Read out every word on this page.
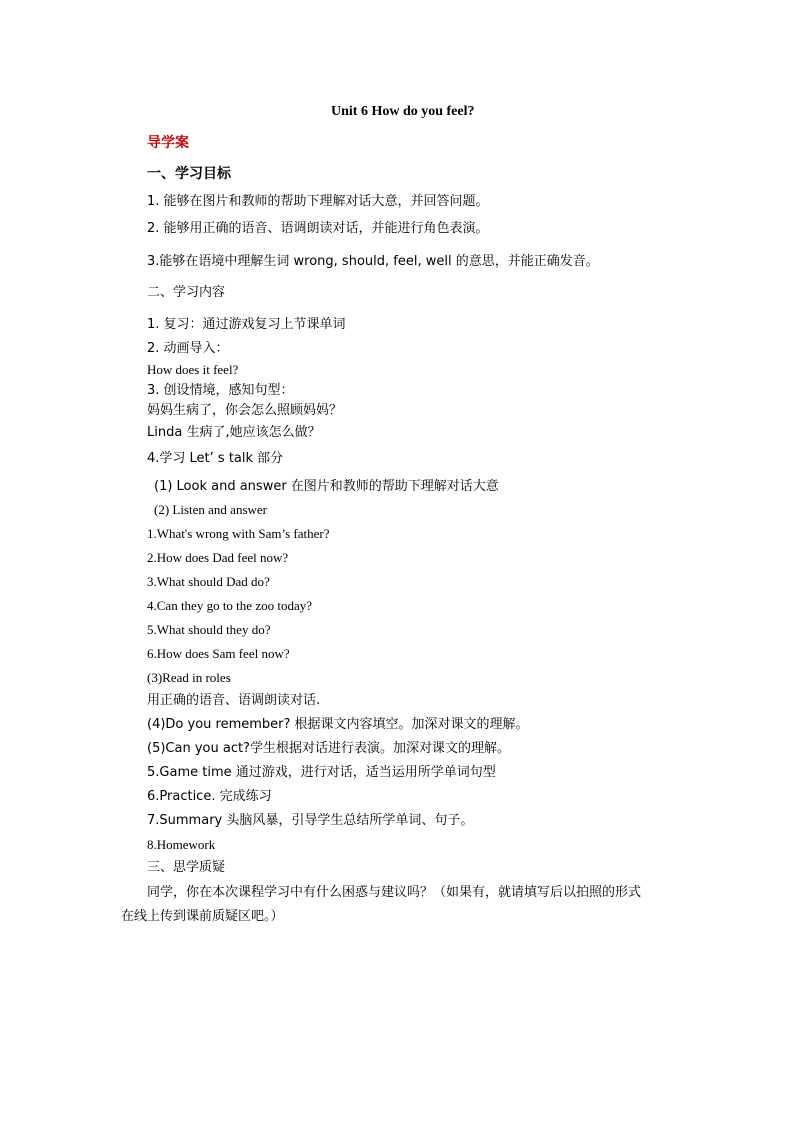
Unit 6 How do you feel?
导学案
一、学习目标
1. 能够在图片和教师的帮助下理解对话大意，并回答问题。
2. 能够用正确的语音、语调朗读对话，并能进行角色表演。
3.能够在语境中理解生词 wrong, should, feel, well 的意思，并能正确发音。
二、学习内容
1. 复习：通过游戏复习上节课单词
2. 动画导入：
How does it feel?
3. 创设情境，感知句型：
妈妈生病了，你会怎么照顾妈妈？
Linda 生病了,她应该怎么做？
4.学习 Let’ s talk 部分
(1) Look and answer 在图片和教师的帮助下理解对话大意
(2) Listen and answer
1.What's wrong with Sam’s father?
2.How does Dad feel now?
3.What should Dad do?
4.Can they go to the zoo today?
5.What should they do?
6.How does Sam feel now?
(3)Read in roles
用正确的语音、语调朗读对话.
(4)Do you remember? 根据课文内容填空。加深对课文的理解。
(5)Can you act?学生根据对话进行表演。加深对课文的理解。
5.Game time 通过游戏，进行对话，适当运用所学单词句型
6.Practice. 完成练习
7.Summary 头脑风暴，引导学生总结所学单词、句子。
8.Homework
三、思学质疑
同学，你在本次课程学习中有什么困惑与建议吗？（如果有，就请填写后以拍照的形式
在线上传到课前质疑区吧。）
